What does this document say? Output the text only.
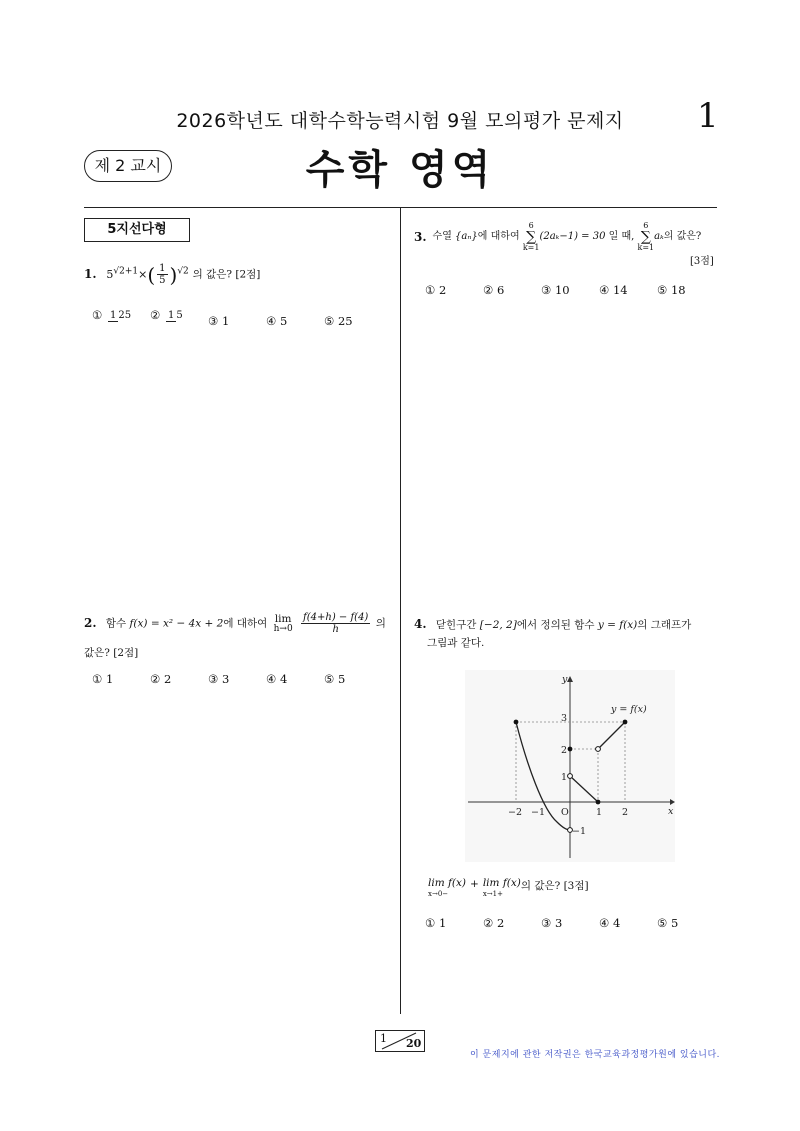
2026학년도 대학수학능력시험 9월 모의평가 문제지	1
제 2 교시	수학 영역
5지선다형
1. $5^{√2+1}\times( \frac{1}{5} )^{√2}$ 의 값은? [2점]
① 1 25	② 1 5	③ 1	④ 5	⑤ 25
2. 함수 f(x) = x² − 4x + 2에 대하여 lim
h→0
$\frac{f(4+h) - f(4)}{h}$ 의
값은? [2점]
① 1	② 2	③ 3	④ 4	⑤ 5
3. 수열
{aₙ} 에 대하여

6
∑
k=1
(2aₖ−1) = 30
일 때,

6
∑
k=1
aₖ 의 값은?
[3점]
① 2	② 6	③ 10	④ 14	⑤ 18
4. 닫힌구간 [−2, 2]에서 정의된 함수 y = f(x)의 그래프가
그림과 같다.
x
y
O
−2 −1	1 2
3
2
1
−1
y = f(x)
lim f(x)
x→0−
+ lim f(x)
x→1+
의 값은? [3점]
① 1	② 2	③ 3	④ 4	⑤ 5
1 20
이 문제지에 관한 저작권은 한국교육과정평가원에 있습니다.
